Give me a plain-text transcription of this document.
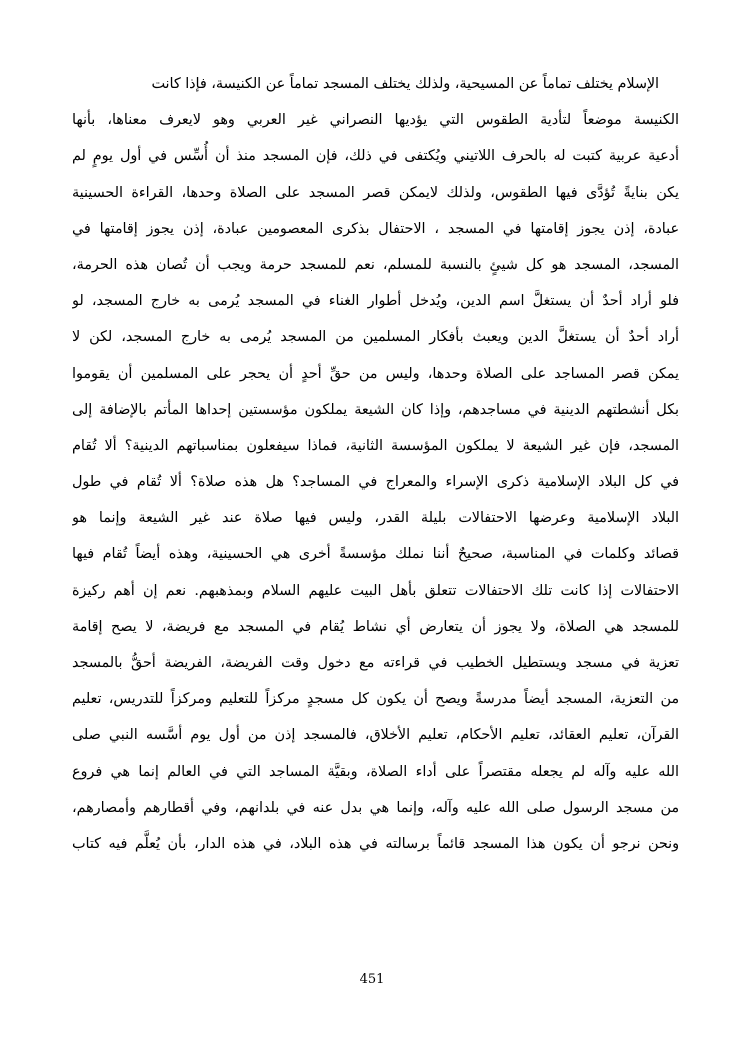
الإسلام يختلف تماماً عن المسيحية، ولذلك يختلف المسجد تماماً عن الكنيسة، فإذا كانت
الكنيسة موضعاً لتأدية الطقوس التي يؤديها النصراني غير العربي وهو لايعرف معناها، بأنها
أدعية عربية كتبت له بالحرف اللاتيني ويُكتفى في ذلك، فإن المسجد منذ أن أُسِّس في أول يومٍ لم
يكن بنايةً تُؤدَّى فيها الطقوس، ولذلك لايمكن قصر المسجد على الصلاة وحدها، القراءة الحسينية
عبادة، إذن يجوز إقامتها في المسجد ، الاحتفال بذكرى المعصومين عبادة، إذن يجوز إقامتها في
المسجد، المسجد هو كل شيئٍ بالنسبة للمسلم، نعم للمسجد حرمة ويجب أن تُصان هذه الحرمة،
فلو أراد أحدٌ أن يستغلَّ اسم الدين، ويُدخل أطوار الغناء في المسجد يُرمى به خارج المسجد، لو
أراد أحدٌ أن يستغلَّ الدين ويعبث بأفكار المسلمين من المسجد يُرمى به خارج المسجد، لكن لا
يمكن قصر المساجد على الصلاة وحدها، وليس من حقِّ أحدٍ أن يحجر على المسلمين أن يقوموا
بكل أنشطتهم الدينية في مساجدهم، وإذا كان الشيعة يملكون مؤسستين إحداها المأتم بالإضافة إلى
المسجد، فإن غير الشيعة لا يملكون المؤسسة الثانية، فماذا سيفعلون بمناسباتهم الدينية؟ ألا تُقام
في كل البلاد الإسلامية ذكرى الإسراء والمعراج في المساجد؟ هل هذه صلاة؟ ألا تُقام في طول
البلاد الإسلامية وعرضها الاحتفالات بليلة القدر، وليس فيها صلاة عند غير الشيعة وإنما هو
قصائد وكلمات في المناسبة، صحيحٌ أننا نملك مؤسسةً أخرى هي الحسينية، وهذه أيضاً تُقام فيها
الاحتفالات إذا كانت تلك الاحتفالات تتعلق بأهل البيت عليهم السلام وبمذهبهم. نعم إن أهم ركيزة
للمسجد هي الصلاة، ولا يجوز أن يتعارض أي نشاط يُقام في المسجد مع فريضة، لا يصح إقامة
تعزية في مسجد ويستطيل الخطيب في قراءته مع دخول وقت الفريضة، الفريضة أحقُّ بالمسجد
من التعزية، المسجد أيضاً مدرسةً ويصح أن يكون كل مسجدٍ مركزاً للتعليم ومركزاً للتدريس، تعليم
القرآن، تعليم العقائد، تعليم الأحكام، تعليم الأخلاق، فالمسجد إذن من أول يوم أسَّسه النبي صلى
الله عليه وآله لم يجعله مقتصراً على أداء الصلاة، وبقيَّة المساجد التي في العالم إنما هي فروع
من مسجد الرسول صلى الله عليه وآله، وإنما هي بدل عنه في بلدانهم، وفي أقطارهم وأمصارهم،
ونحن نرجو أن يكون هذا المسجد قائماً برسالته في هذه البلاد، في هذه الدار، بأن يُعلَّم فيه كتاب
451
